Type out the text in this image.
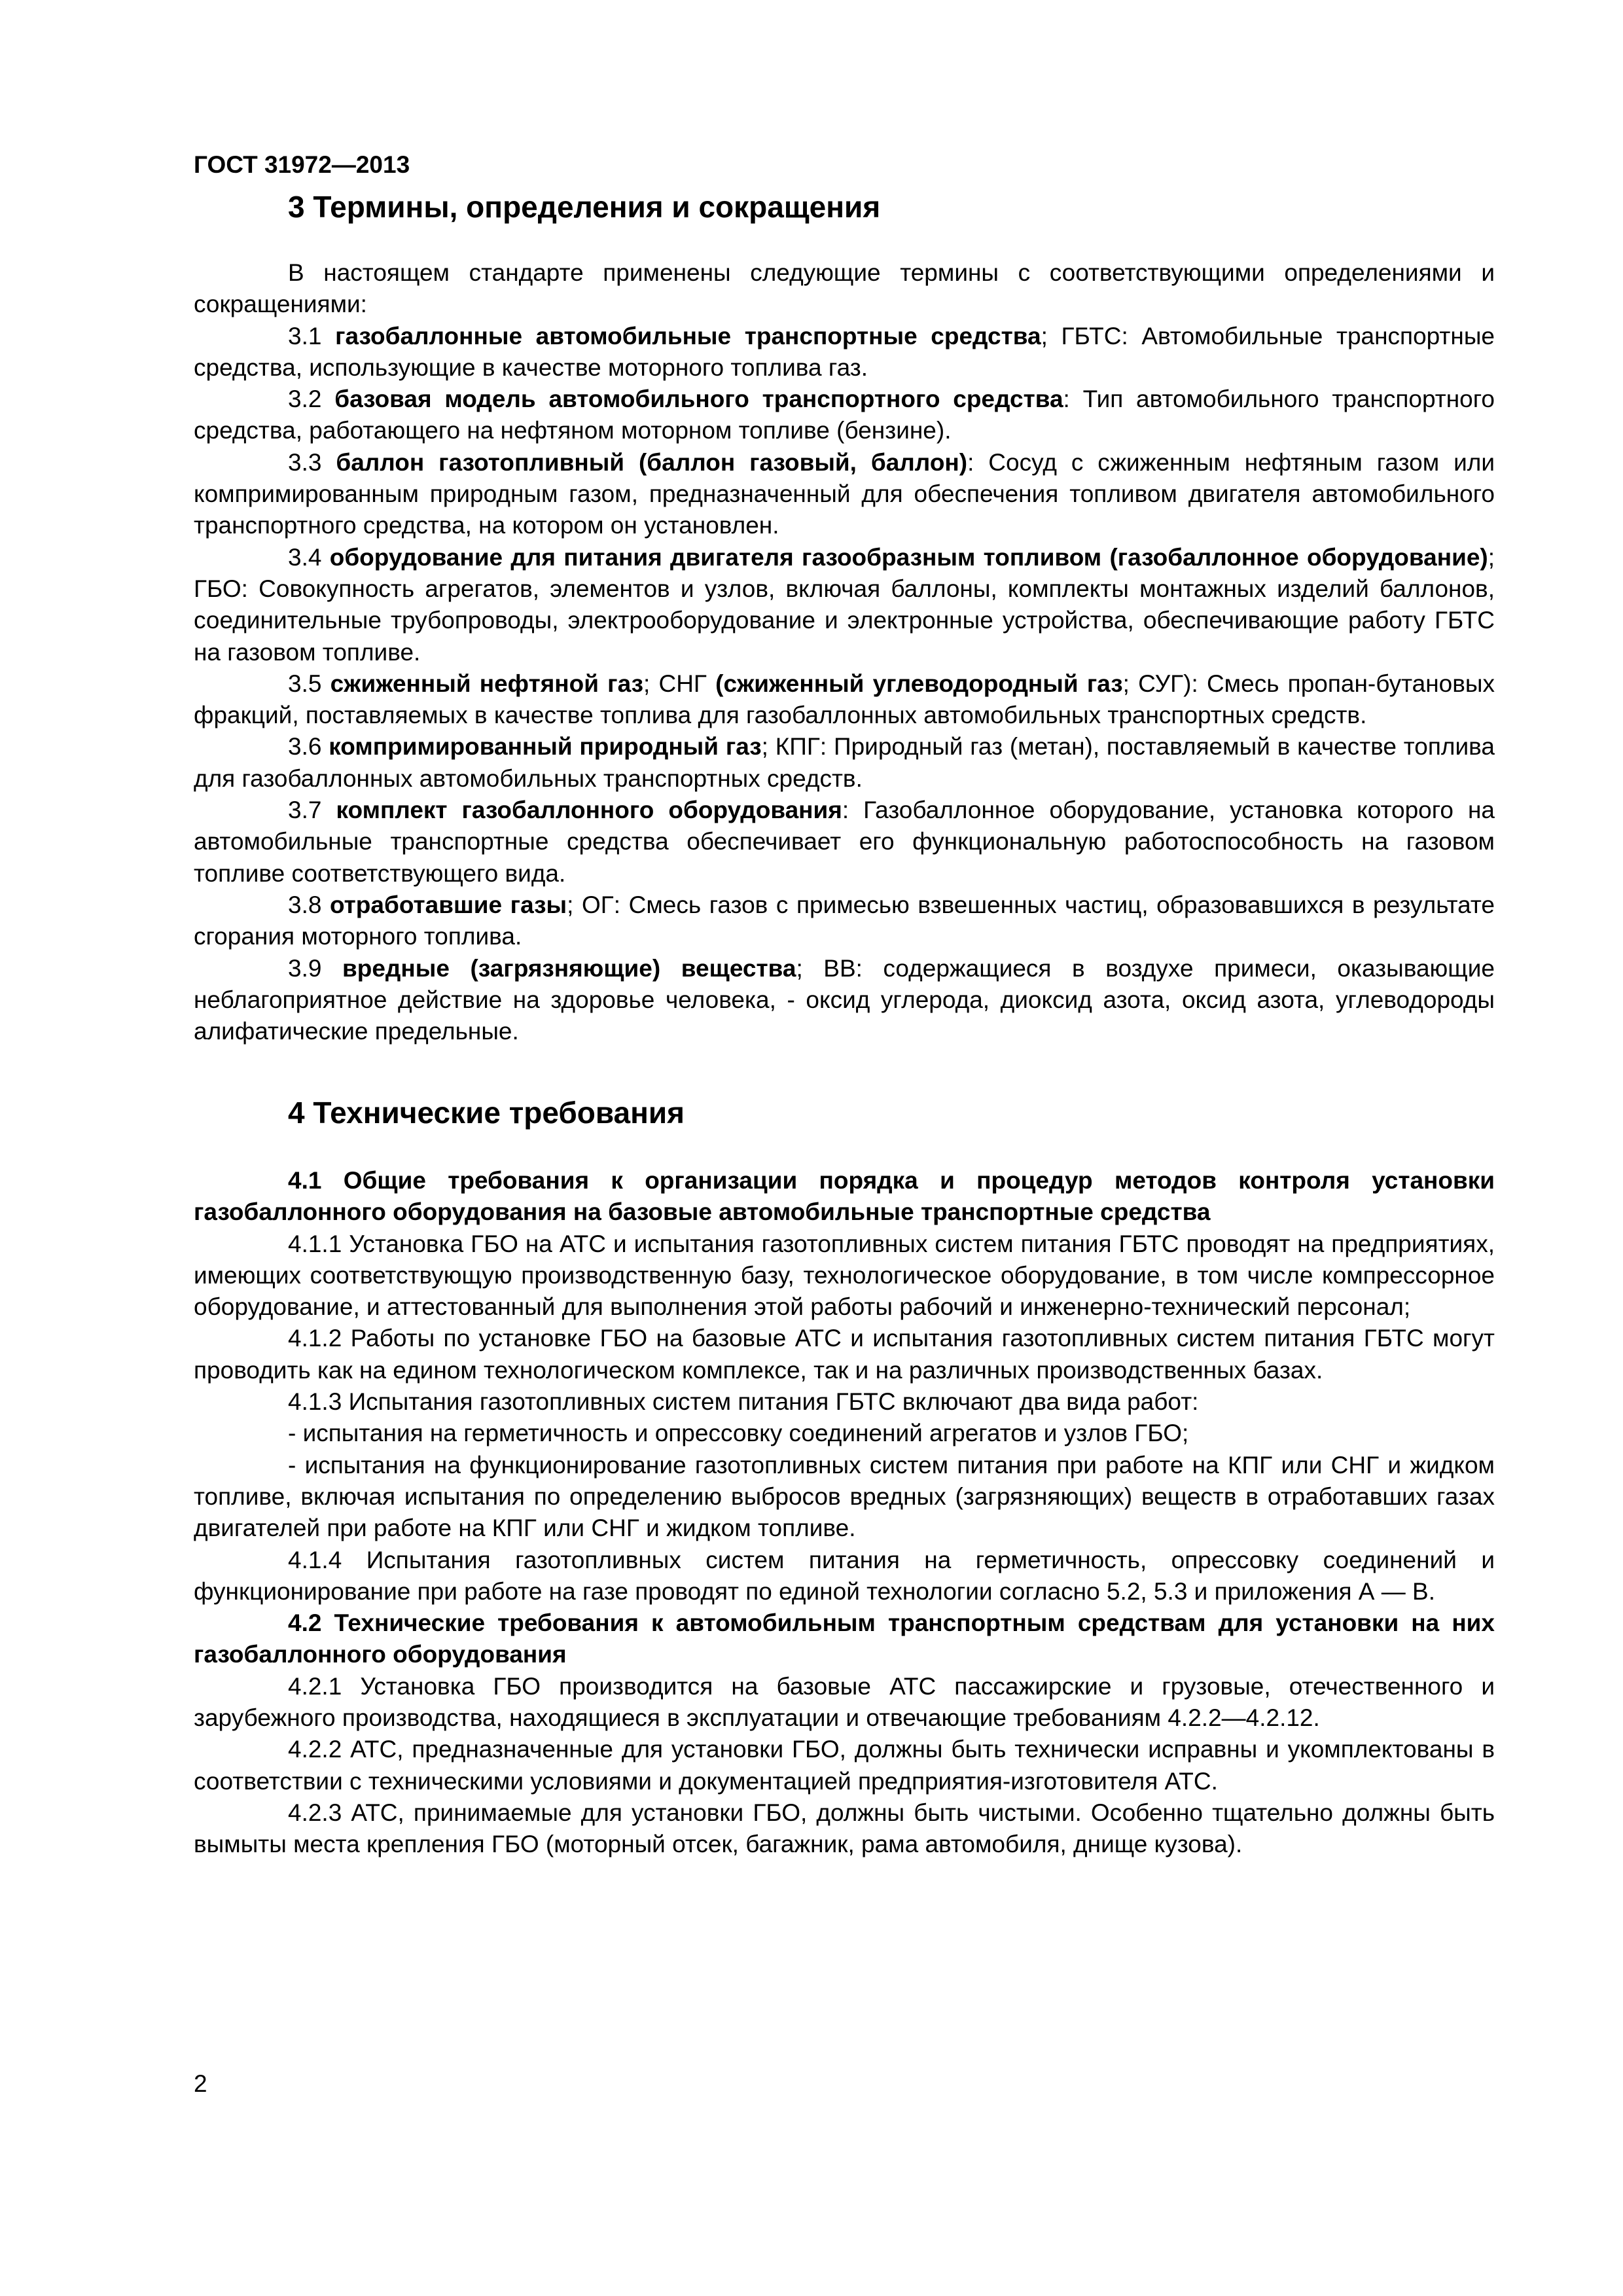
ГОСТ 31972—2013
3 Термины, определения и сокращения

В настоящем стандарте применены следующие термины с соответствующими определениями и сокращениями:

3.1 газобаллонные автомобильные транспортные средства; ГБТС: Автомобильные транспортные средства, использующие в качестве моторного топлива газ.

3.2 базовая модель автомобильного транспортного средства: Тип автомобильного транспортного средства, работающего на нефтяном моторном топливе (бензине).

3.3 баллон газотопливный (баллон газовый, баллон): Сосуд с сжиженным нефтяным газом или компримированным природным газом, предназначенный для обеспечения топливом двигателя автомобильного транспортного средства, на котором он установлен.

3.4 оборудование для питания двигателя газообразным топливом (газобаллонное оборудование); ГБО: Совокупность агрегатов, элементов и узлов, включая баллоны, комплекты монтажных изделий баллонов, соединительные трубопроводы, электрооборудование и электронные устройства, обеспечивающие работу ГБТС на газовом топливе.

3.5 сжиженный нефтяной газ; СНГ (сжиженный углеводородный газ; СУГ): Смесь пропан-бутановых фракций, поставляемых в качестве топлива для газобаллонных автомобильных транспортных средств.

3.6 компримированный природный газ; КПГ: Природный газ (метан), поставляемый в качестве топлива для газобаллонных автомобильных транспортных средств.

3.7 комплект газобаллонного оборудования: Газобаллонное оборудование, установка которого на автомобильные транспортные средства обеспечивает его функциональную работоспособность на газовом топливе соответствующего вида.

3.8 отработавшие газы; ОГ: Смесь газов с примесью взвешенных частиц, образовавшихся в результате сгорания моторного топлива.

3.9 вредные (загрязняющие) вещества; ВВ: содержащиеся в воздухе примеси, оказывающие неблагоприятное действие на здоровье человека, - оксид углерода, диоксид азота, оксид азота, углеводороды алифатические предельные.

4 Технические требования

4.1 Общие требования к организации порядка и процедур методов контроля установки газобаллонного оборудования на базовые автомобильные транспортные средства

4.1.1 Установка ГБО на АТС и испытания газотопливных систем питания ГБТС проводят на предприятиях, имеющих соответствующую производственную базу, технологическое оборудование, в том числе компрессорное оборудование, и аттестованный для выполнения этой работы рабочий и инженерно-технический персонал;

4.1.2 Работы по установке ГБО на базовые АТС и испытания газотопливных систем питания ГБТС могут проводить как на едином технологическом комплексе, так и на различных производственных базах.

4.1.3 Испытания газотопливных систем питания ГБТС включают два вида работ:

- испытания на герметичность и опрессовку соединений агрегатов и узлов ГБО;

- испытания на функционирование газотопливных систем питания при работе на КПГ или СНГ и жидком топливе, включая испытания по определению выбросов вредных (загрязняющих) веществ в отработавших газах двигателей при работе на КПГ или СНГ и жидком топливе.

4.1.4 Испытания газотопливных систем питания на герметичность, опрессовку соединений и функционирование при работе на газе проводят по единой технологии согласно 5.2, 5.3 и приложения А — В.

4.2 Технические требования к автомобильным транспортным средствам для установки на них газобаллонного оборудования

4.2.1 Установка ГБО производится на базовые АТС пассажирские и грузовые, отечественного и зарубежного производства, находящиеся в эксплуатации и отвечающие требованиям 4.2.2—4.2.12.

4.2.2 АТС, предназначенные для установки ГБО, должны быть технически исправны и укомплектованы в соответствии с техническими условиями и документацией предприятия-изготовителя АТС.

4.2.3 АТС, принимаемые для установки ГБО, должны быть чистыми. Особенно тщательно должны быть вымыты места крепления ГБО (моторный отсек, багажник, рама автомобиля, днище кузова).

2
